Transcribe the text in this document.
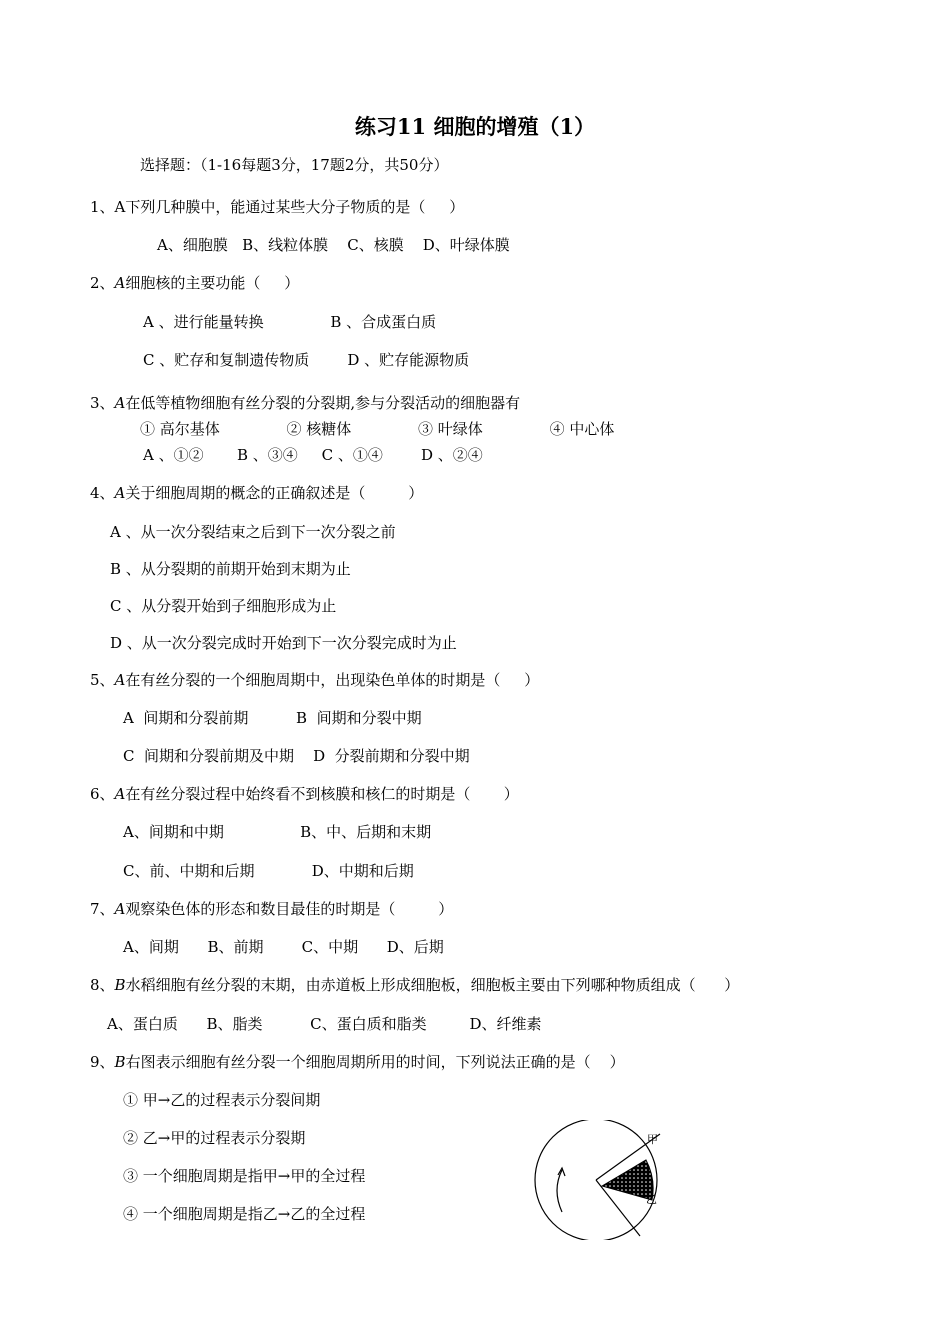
练习11 细胞的增殖（1）
选择题：（1-16每题3分，17题2分，共50分）
1、A下列几种膜中，能通过某些大分子物质的是（     ）
A、细胞膜   B、线粒体膜    C、核膜    D、叶绿体膜
2、A细胞核的主要功能（     ）
A 、进行能量转换              B 、合成蛋白质
C 、贮存和复制遗传物质        D 、贮存能源物质
3、A在低等植物细胞有丝分裂的分裂期,参与分裂活动的细胞器有
① 高尔基体              ② 核糖体              ③ 叶绿体              ④ 中心体
A 、①②       B 、③④     C 、①④        D 、②④
4、A关于细胞周期的概念的正确叙述是（         ）
A 、从一次分裂结束之后到下一次分裂之前
B 、从分裂期的前期开始到末期为止
C 、从分裂开始到子细胞形成为止
D 、从一次分裂完成时开始到下一次分裂完成时为止
5、A在有丝分裂的一个细胞周期中，出现染色单体的时期是（     ）
A  间期和分裂前期          B  间期和分裂中期
C  间期和分裂前期及中期    D  分裂前期和分裂中期
6、A在有丝分裂过程中始终看不到核膜和核仁的时期是（       ）
A、间期和中期                B、中、后期和末期
C、前、中期和后期            D、中期和后期
7、A观察染色体的形态和数目最佳的时期是（         ）
A、间期      B、前期        C、中期      D、后期
8、B水稻细胞有丝分裂的末期，由赤道板上形成细胞板，细胞板主要由下列哪种物质组成（      ）
A、蛋白质      B、脂类          C、蛋白质和脂类         D、纤维素
9、B右图表示细胞有丝分裂一个细胞周期所用的时间，下列说法正确的是（    ）
① 甲→乙的过程表示分裂间期
② 乙→甲的过程表示分裂期
③ 一个细胞周期是指甲→甲的全过程
④ 一个细胞周期是指乙→乙的全过程
甲
乙
